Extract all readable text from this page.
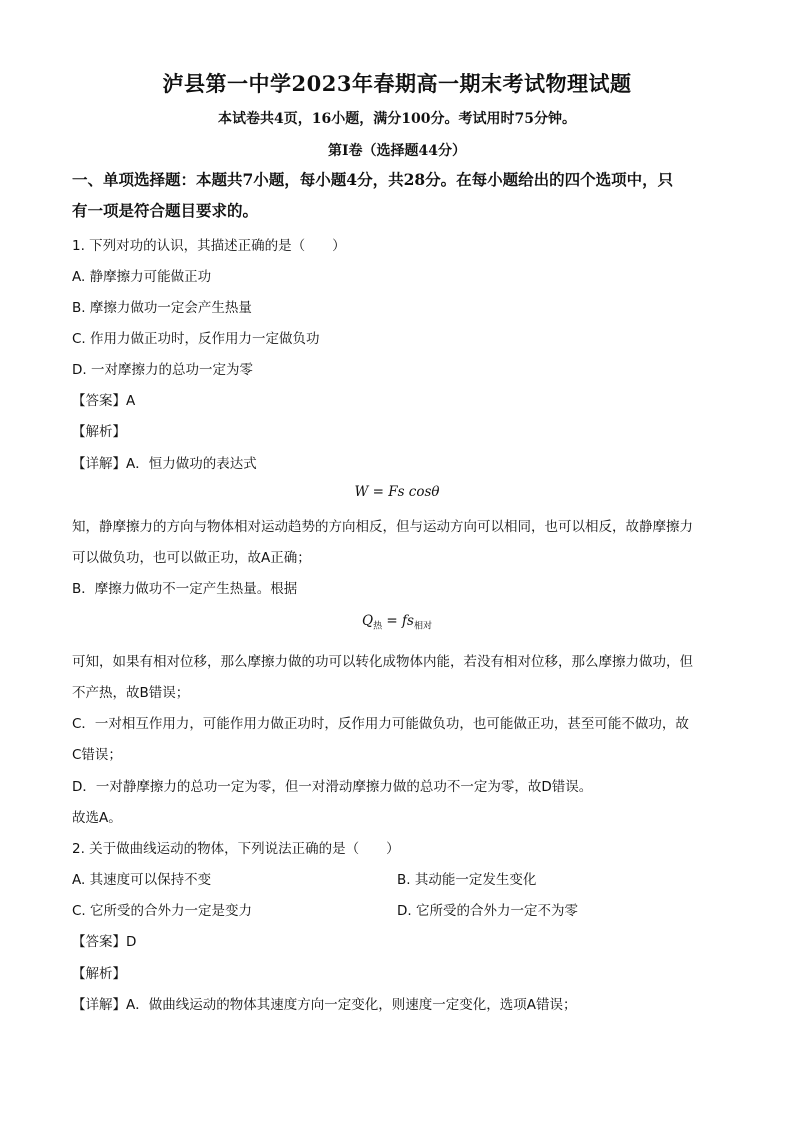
泸县第一中学2023年春期高一期末考试物理试题
本试卷共4页，16小题，满分100分。考试用时75分钟。
第I卷（选择题44分）
一、单项选择题：本题共7小题，每小题4分，共28分。在每小题给出的四个选项中，只
有一项是符合题目要求的。
1. 下列对功的认识，其描述正确的是（　　）
A. 静摩擦力可能做正功
B. 摩擦力做功一定会产生热量
C. 作用力做正功时，反作用力一定做负功
D. 一对摩擦力的总功一定为零
【答案】A
【解析】
【详解】A．恒力做功的表达式
W = Fs cosθ
知，静摩擦力的方向与物体相对运动趋势的方向相反，但与运动方向可以相同，也可以相反，故静摩擦力
可以做负功，也可以做正功，故A正确；
B．摩擦力做功不一定产生热量。根据
$Q_热 = fs_{相对}$
可知，如果有相对位移，那么摩擦力做的功可以转化成物体内能，若没有相对位移，那么摩擦力做功，但
不产热，故B错误；
C．一对相互作用力，可能作用力做正功时，反作用力可能做负功，也可能做正功，甚至可能不做功，故
C错误；
D．一对静摩擦力的总功一定为零，但一对滑动摩擦力做的总功不一定为零，故D错误。
故选A。
2. 关于做曲线运动的物体，下列说法正确的是（　　）
A. 其速度可以保持不变	B. 其动能一定发生变化
C. 它所受的合外力一定是变力	D. 它所受的合外力一定不为零
【答案】D
【解析】
【详解】A．做曲线运动的物体其速度方向一定变化，则速度一定变化，选项A错误；
